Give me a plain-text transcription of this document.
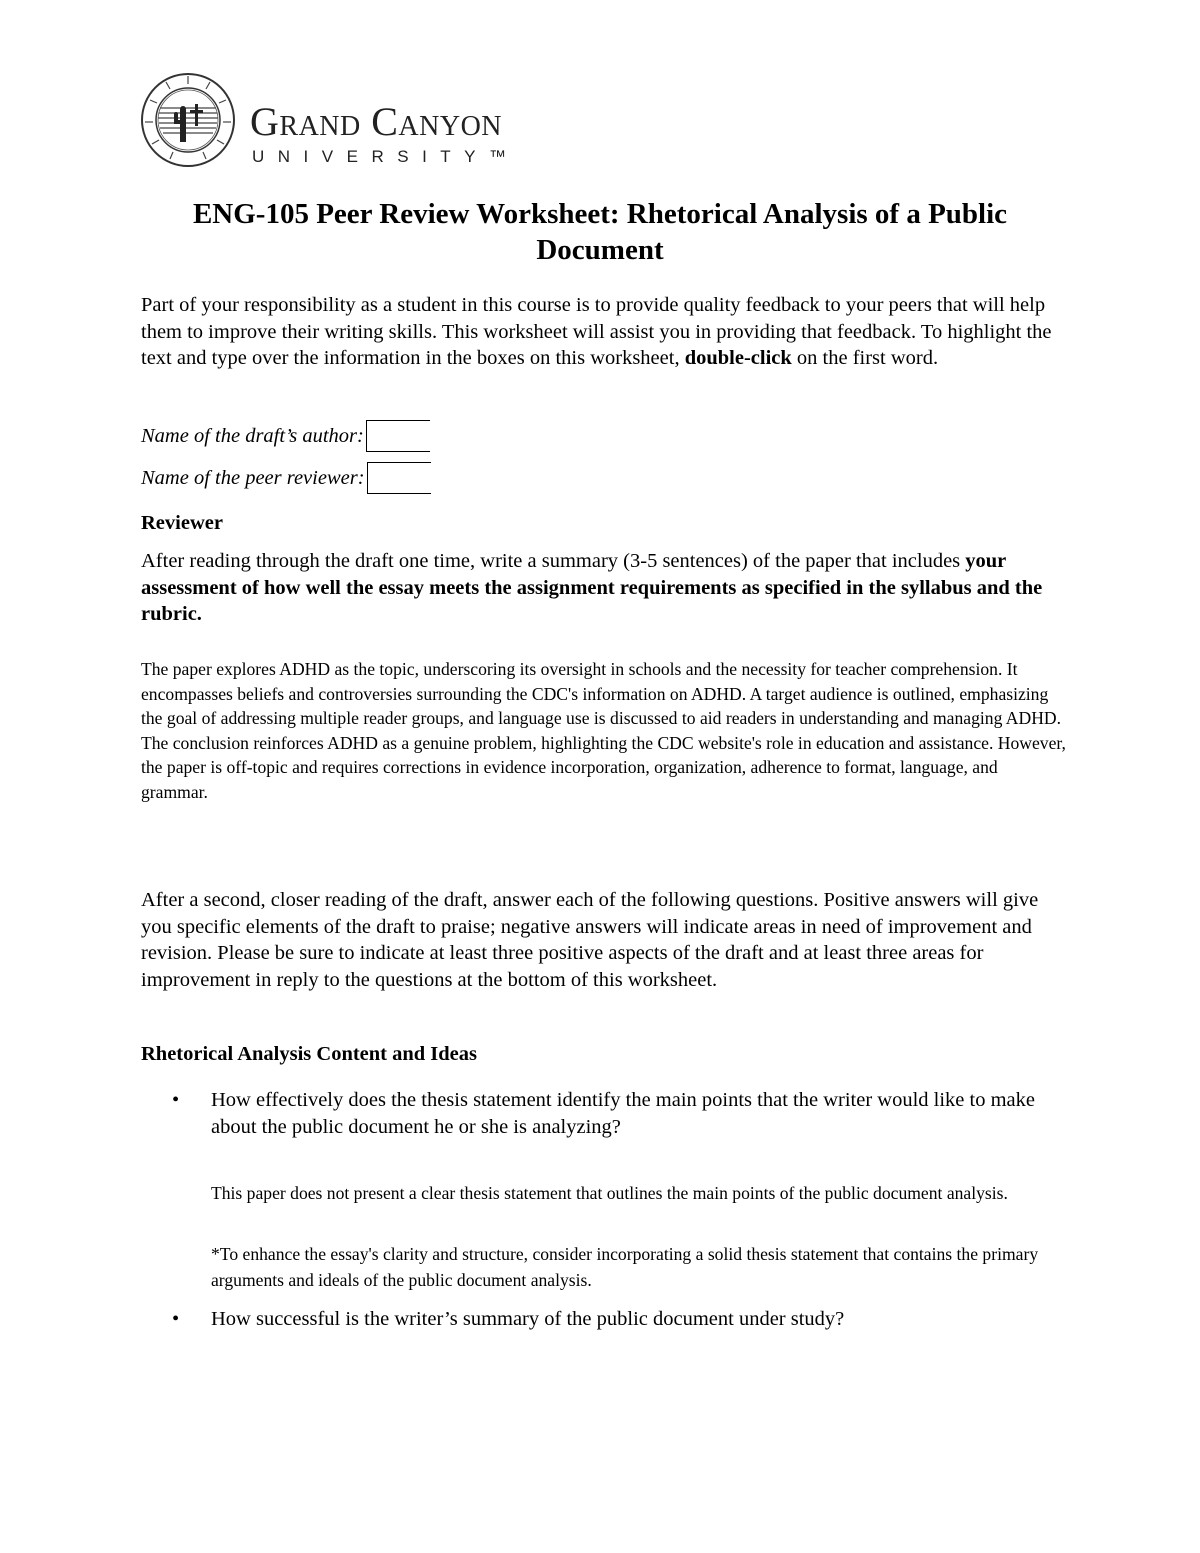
Grand Canyon
UNIVERSITY™
ENG-105 Peer Review Worksheet: Rhetorical Analysis of a Public Document
Part of your responsibility as a student in this course is to provide quality feedback to your peers that will help them to improve their writing skills. This worksheet will assist you in providing that feedback. To highlight the text and type over the information in the boxes on this worksheet, double-click on the first word.
Name of the draft’s author:
Name of the peer reviewer:
Reviewer
After reading through the draft one time, write a summary (3-5 sentences) of the paper that includes your assessment of how well the essay meets the assignment requirements as specified in the syllabus and the rubric.
The paper explores ADHD as the topic, underscoring its oversight in schools and the necessity for teacher comprehension. It encompasses beliefs and controversies surrounding the CDC's information on ADHD. A target audience is outlined, emphasizing the goal of addressing multiple reader groups, and language use is discussed to aid readers in understanding and managing ADHD. The conclusion reinforces ADHD as a genuine problem, highlighting the CDC website's role in education and assistance. However, the paper is off-topic and requires corrections in evidence incorporation, organization, adherence to format, language, and grammar.
After a second, closer reading of the draft, answer each of the following questions. Positive answers will give you specific elements of the draft to praise; negative answers will indicate areas in need of improvement and revision. Please be sure to indicate at least three positive aspects of the draft and at least three areas for improvement in reply to the questions at the bottom of this worksheet.
Rhetorical Analysis Content and Ideas
• How effectively does the thesis statement identify the main points that the writer would like to make about the public document he or she is analyzing?
This paper does not present a clear thesis statement that outlines the main points of the public document analysis.
*To enhance the essay's clarity and structure, consider incorporating a solid thesis statement that contains the primary arguments and ideals of the public document analysis.
• How successful is the writer’s summary of the public document under study?
